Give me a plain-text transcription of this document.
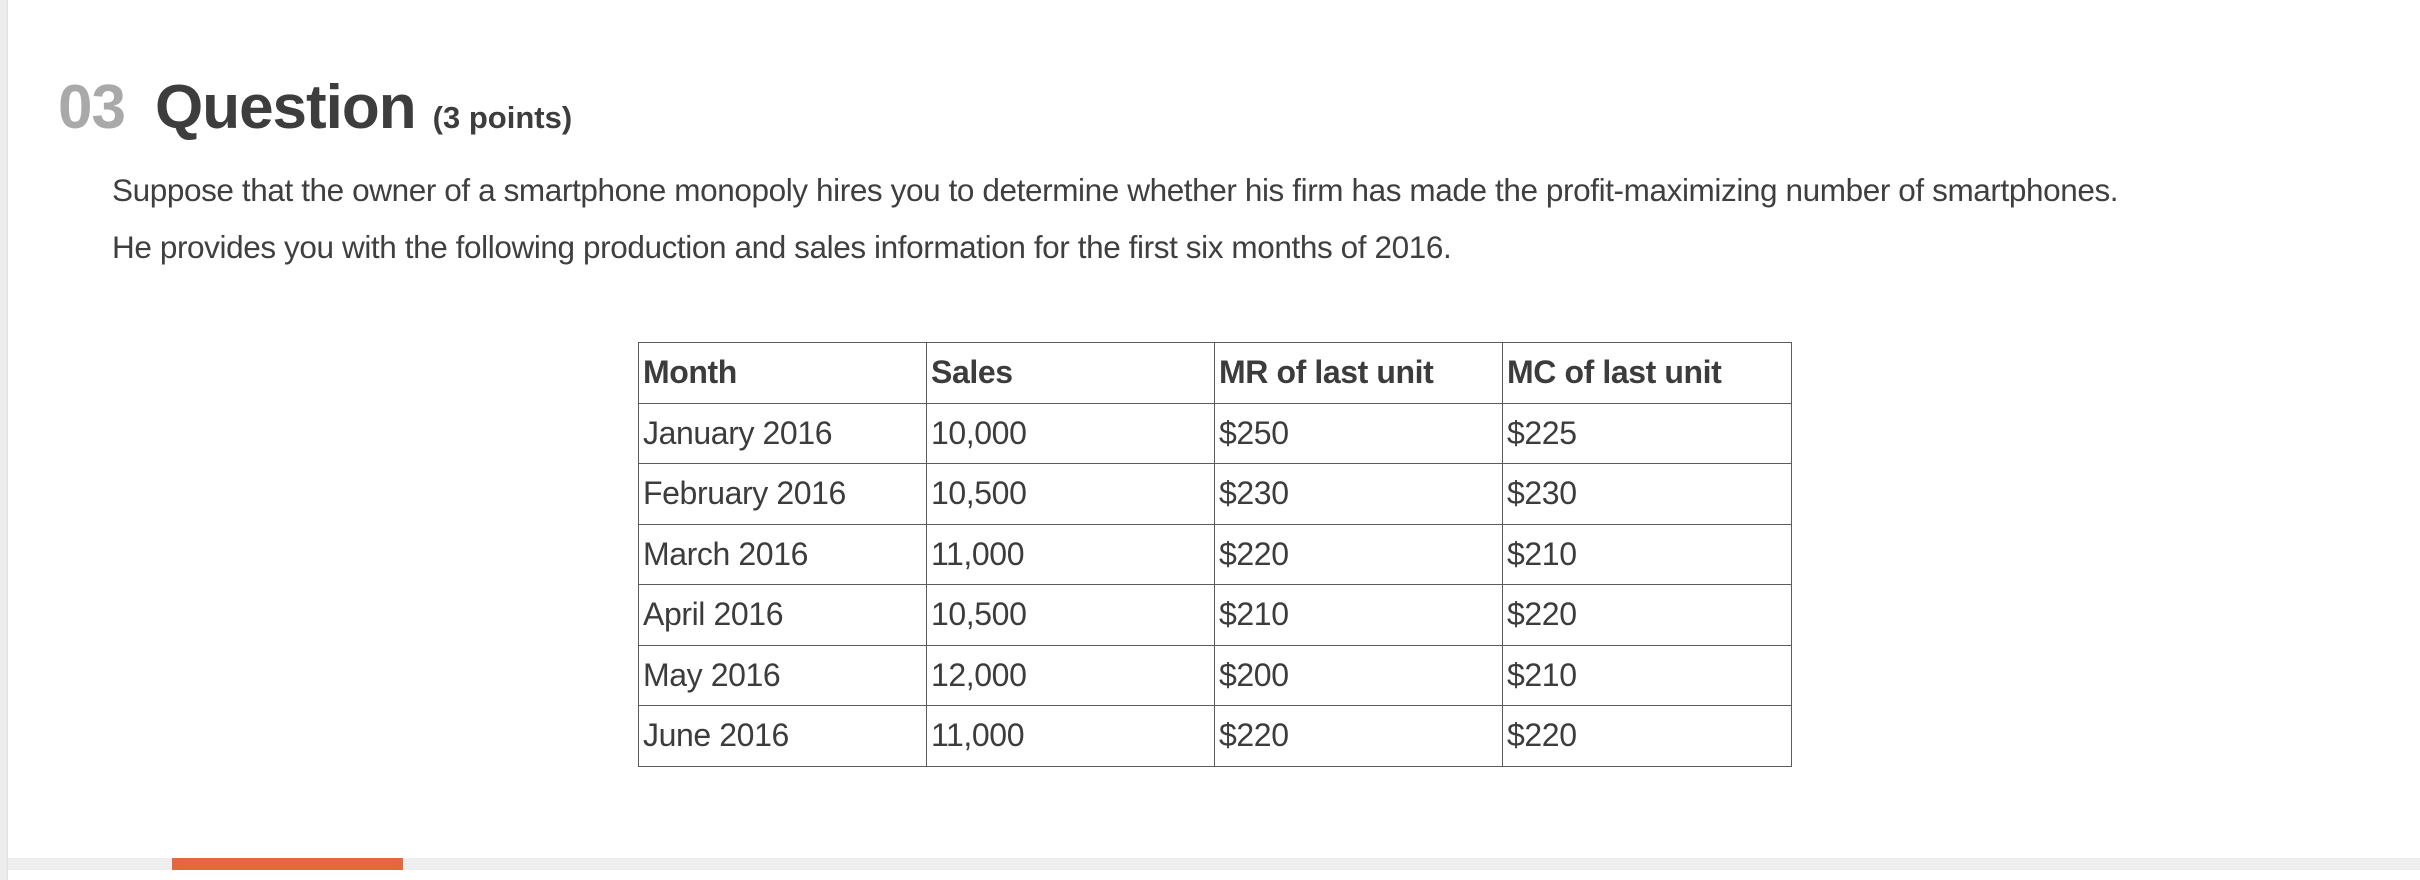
03 Question (3 points)
Suppose that the owner of a smartphone monopoly hires you to determine whether his firm has made the profit-maximizing number of smartphones.
He provides you with the following production and sales information for the first six months of 2016.
Month	Sales	MR of last unit	MC of last unit
January 2016	10,000	$250	$225
February 2016	10,500	$230	$230
March 2016	11,000	$220	$210
April 2016	10,500	$210	$220
May 2016	12,000	$200	$210
June 2016	11,000	$220	$220
